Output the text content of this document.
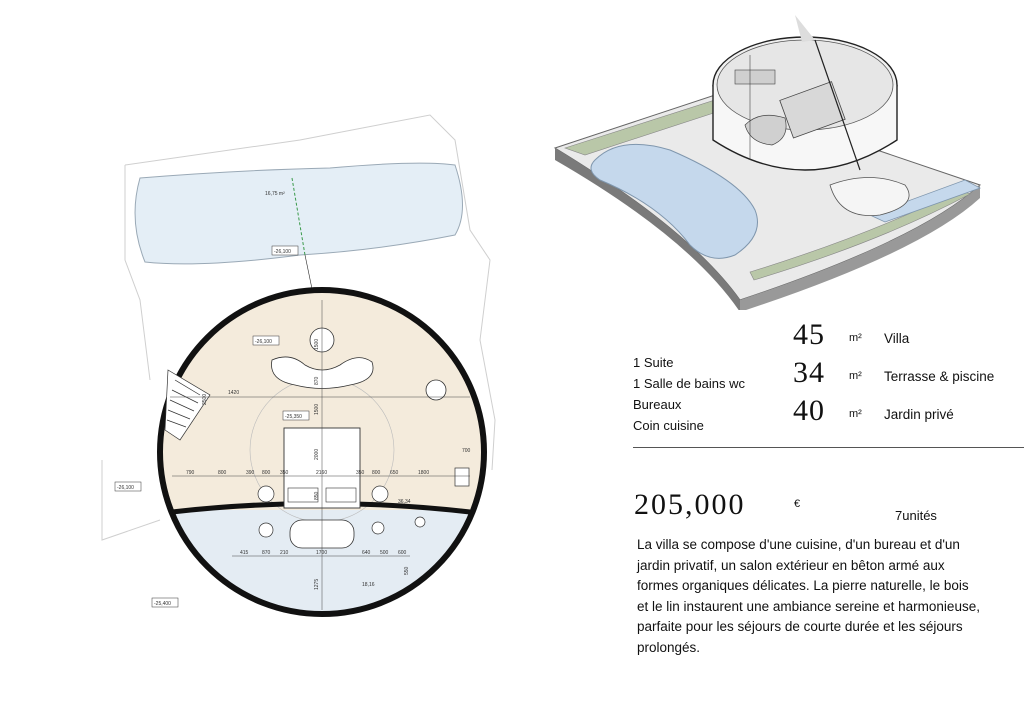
16,75 m²
-26,100
1420
2000
1500
870
1500
1275
850
790	800	390 800 350	2160	350 800 650	1800
415	870 210	1700	640 500 600
2500
700
550
-26,100
-25,350
-26,100
-25,400
36,34
18,16
1 Suite
1 Salle de bains wc
Bureaux
Coin cuisine
45 m² Villa
34 m² Terrasse & piscine
40 m² Jardin privé
205,000	€
7unités
La villa se compose d'une cuisine, d'un bureau et d'un jardin privatif, un salon extérieur en bêton armé aux formes organiques délicates. La pierre naturelle, le bois et le lin instaurent une ambiance sereine et harmonieuse, parfaite pour les séjours de courte durée et les séjours prolongés.
